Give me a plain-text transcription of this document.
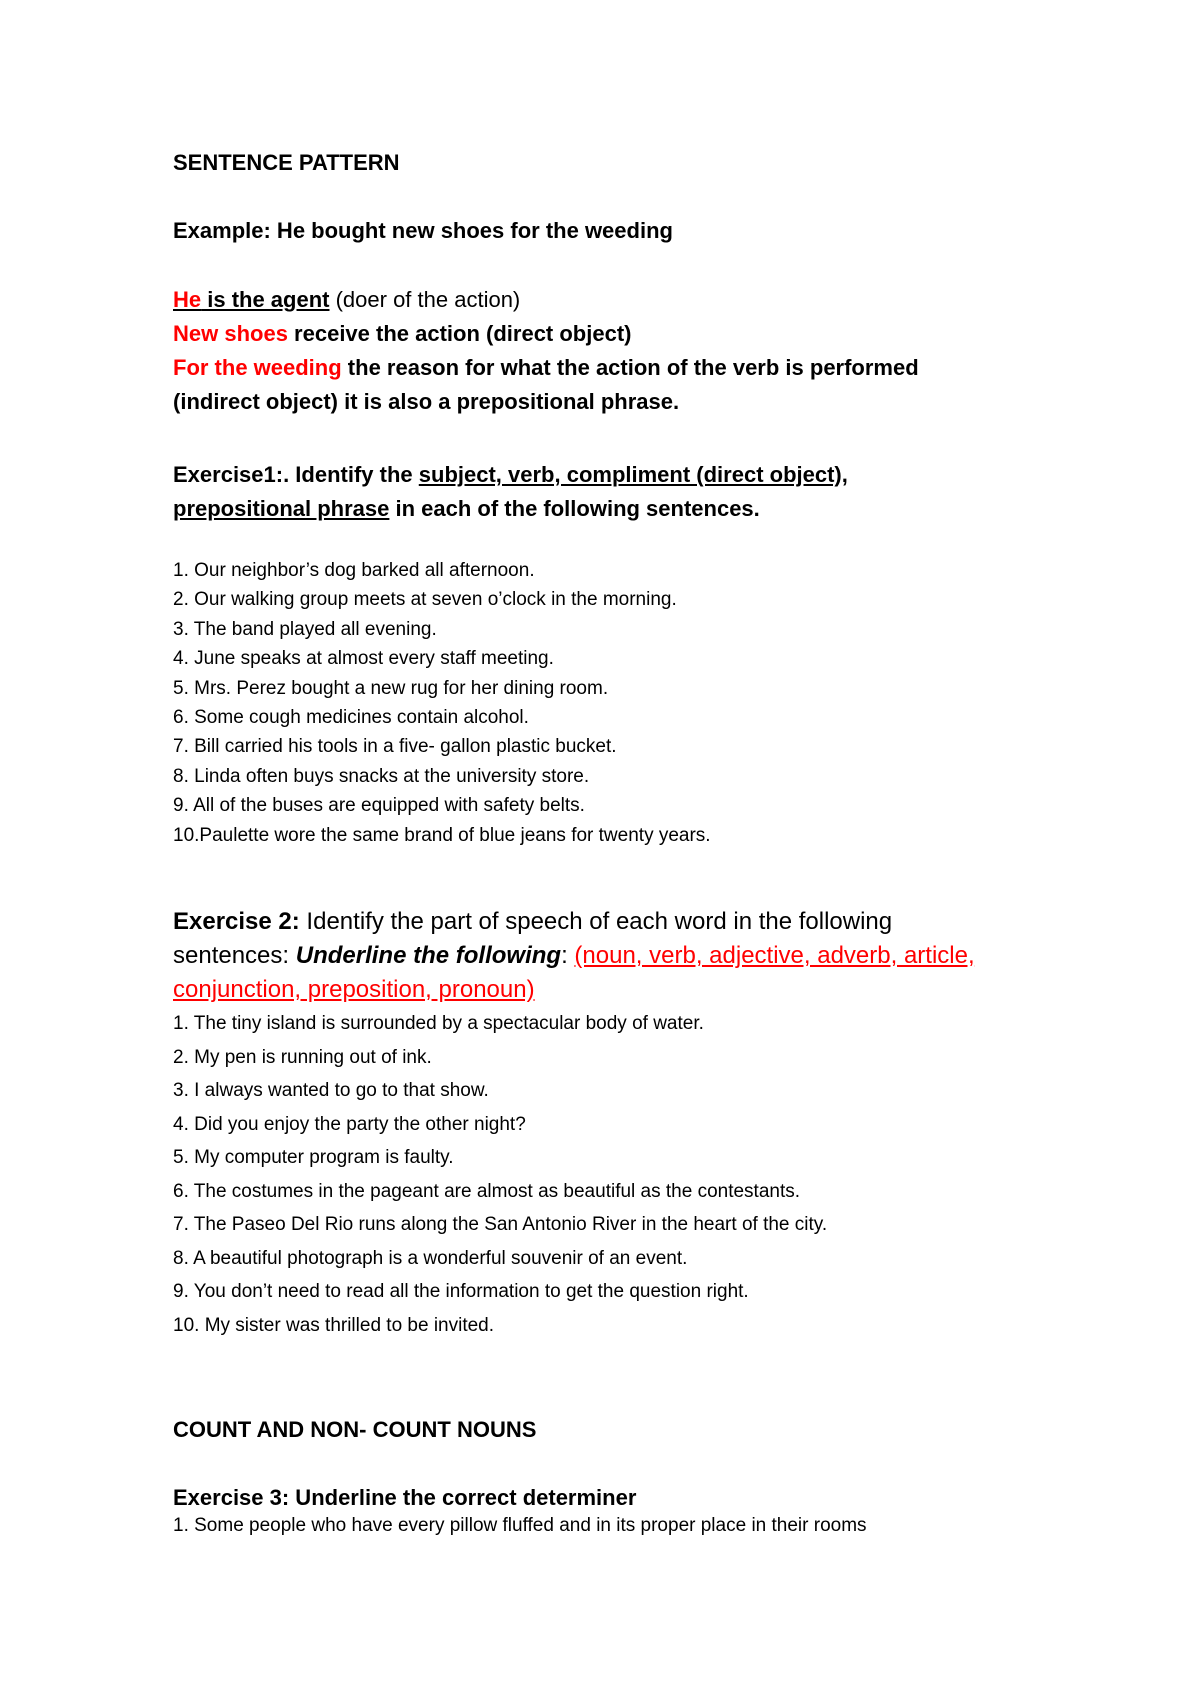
SENTENCE PATTERN
Example: He bought new shoes for the weeding
He is the agent (doer of the action)
New shoes receive the action (direct object)
For the weeding the reason for what the action of the verb is performed
(indirect object) it is also a prepositional phrase.
Exercise1:. Identify the subject, verb, compliment (direct object),
prepositional phrase in each of the following sentences.
1. Our neighbor’s dog barked all afternoon.
2. Our walking group meets at seven o’clock in the morning.
3. The band played all evening.
4. June speaks at almost every staff meeting.
5. Mrs. Perez bought a new rug for her dining room.
6. Some cough medicines contain alcohol.
7. Bill carried his tools in a five- gallon plastic bucket.
8. Linda often buys snacks at the university store.
9. All of the buses are equipped with safety belts.
10.Paulette wore the same brand of blue jeans for twenty years.
Exercise 2: Identify the part of speech of each word in the following
sentences: Underline the following: (noun, verb, adjective, adverb, article,
conjunction, preposition, pronoun)
1. The tiny island is surrounded by a spectacular body of water.
2. My pen is running out of ink.
3. I always wanted to go to that show.
4. Did you enjoy the party the other night?
5. My computer program is faulty.
6. The costumes in the pageant are almost as beautiful as the contestants.
7. The Paseo Del Rio runs along the San Antonio River in the heart of the city.
8. A beautiful photograph is a wonderful souvenir of an event.
9. You don’t need to read all the information to get the question right.
10. My sister was thrilled to be invited.
COUNT AND NON- COUNT NOUNS
Exercise 3: Underline the correct determiner
1. Some people who have every pillow fluffed and in its proper place in their rooms
